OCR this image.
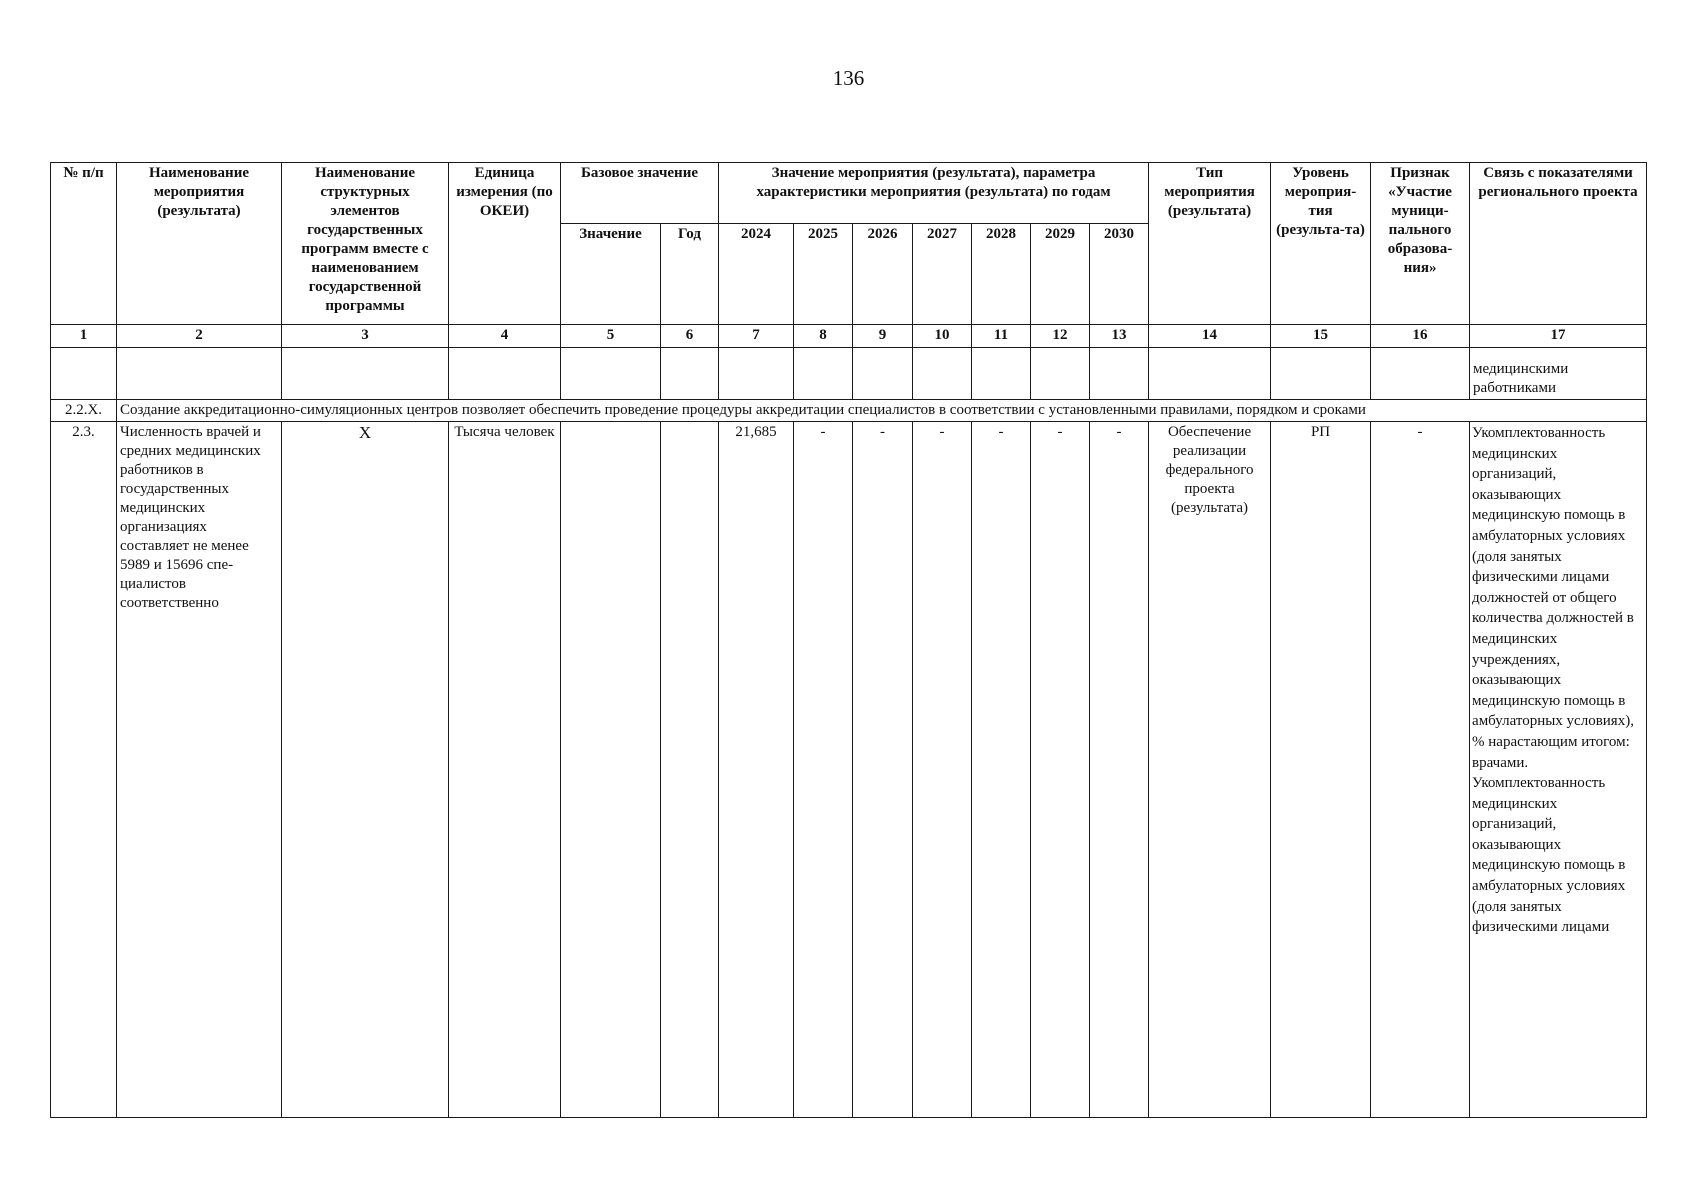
136
№ п/п	Наименование мероприятия (результата)	Наименование структурных элементов государственных программ вместе с наименованием государственной программы	Единица измерения (по ОКЕИ)	Базовое значение		Значение мероприятия (результата), параметра характеристики мероприятия (результата) по годам							Тип мероприятия (результата)	Уровень мероприя-тия (результа-та)	Признак «Участие муници-пального образова-ния»	Связь с показателями регионального проекта
				Значение	Год	2024	2025	2026	2027	2028	2029	2030				
1	2	3	4	5	6	7	8	9	10	11	12	13	14	15	16	17
																медицинскими работниками
2.2.X.	Создание аккредитационно-симуляционных центров позволяет обеспечить проведение процедуры аккредитации специалистов в соответствии с установленными правилами, порядком и сроками															
2.3.	Численность врачей и средних медицинских работников в государственных медицинских организациях составляет не менее 5989 и 15696 спе-циалистов соответственно	Х	Тысяча человек			21,685	-	-	-	-	-	-	Обеспечение реализации федерального проекта (результата)	РП	-	Укомплектованность медицинских организаций, оказывающих медицинскую помощь в амбулаторных условиях (доля занятых физическими лицами должностей от общего количества должностей в медицинских учреждениях, оказывающих медицинскую помощь в амбулаторных условиях), % нарастающим итогом: врачами. Укомплектованность медицинских организаций, оказывающих медицинскую помощь в амбулаторных условиях (доля занятых физическими лицами
